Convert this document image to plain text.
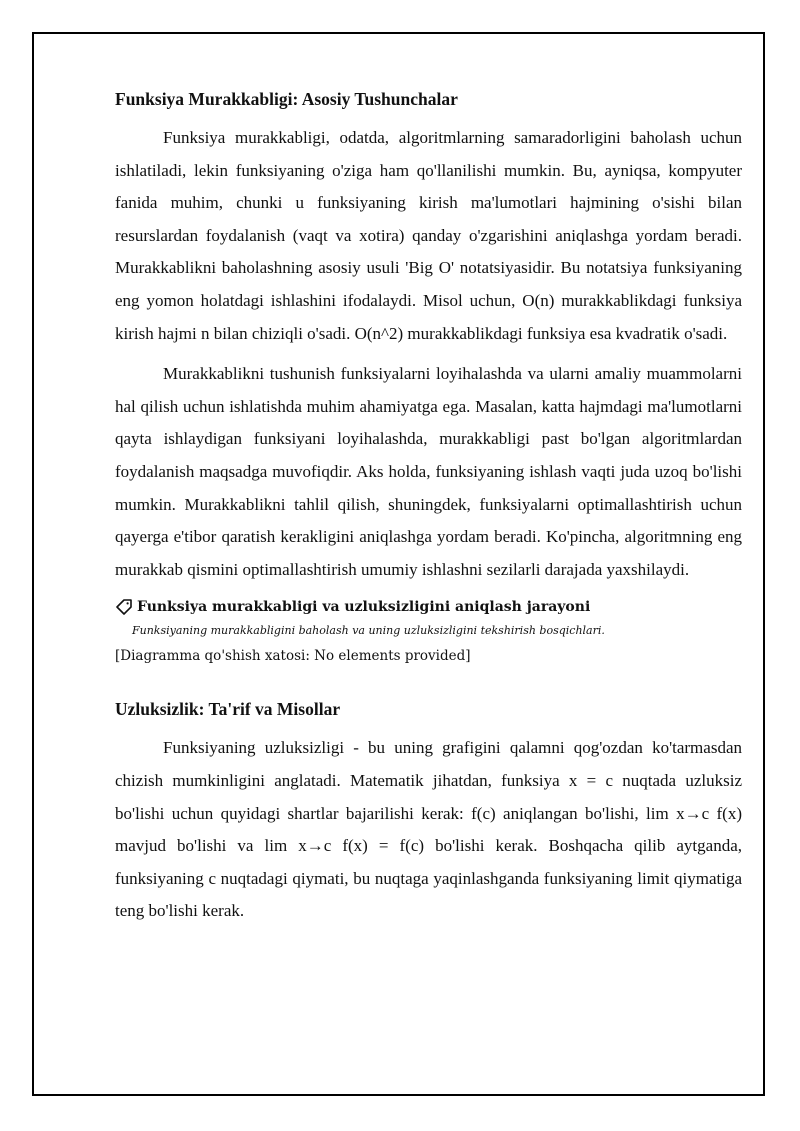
Funksiya Murakkabligi: Asosiy Tushunchalar

Funksiya murakkabligi, odatda, algoritmlarning samaradorligini baholash uchun ishlatiladi, lekin funksiyaning o'ziga ham qo'llanilishi mumkin. Bu, ayniqsa, kompyuter fanida muhim, chunki u funksiyaning kirish ma'lumotlari hajmining o'sishi bilan resurslardan foydalanish (vaqt va xotira) qanday o'zgarishini aniqlashga yordam beradi. Murakkablikni baholashning asosiy usuli 'Big O' notatsiyasidir. Bu notatsiya funksiyaning eng yomon holatdagi ishlashini ifodalaydi. Misol uchun, O(n) murakkablikdagi funksiya kirish hajmi n bilan chiziqli o'sadi. O(n^2) murakkablikdagi funksiya esa kvadratik o'sadi.

Murakkablikni tushunish funksiyalarni loyihalashda va ularni amaliy muammolarni hal qilish uchun ishlatishda muhim ahamiyatga ega. Masalan, katta hajmdagi ma'lumotlarni qayta ishlaydigan funksiyani loyihalashda, murakkabligi past bo'lgan algoritmlardan foydalanish maqsadga muvofiqdir. Aks holda, funksiyaning ishlash vaqti juda uzoq bo'lishi mumkin. Murakkablikni tahlil qilish, shuningdek, funksiyalarni optimallashtirish uchun qayerga e'tibor qaratish kerakligini aniqlashga yordam beradi. Ko'pincha, algoritmning eng murakkab qismini optimallashtirish umumiy ishlashni sezilarli darajada yaxshilaydi.

Funksiya murakkabligi va uzluksizligini aniqlash jarayoni
Funksiyaning murakkabligini baholash va uning uzluksizligini tekshirish bosqichlari.
[Diagramma qo'shish xatosi: No elements provided]
Uzluksizlik: Ta'rif va Misollar

Funksiyaning uzluksizligi - bu uning grafigini qalamni qog'ozdan ko'tarmasdan chizish mumkinligini anglatadi. Matematik jihatdan, funksiya x = c nuqtada uzluksiz bo'lishi uchun quyidagi shartlar bajarilishi kerak: f(c) aniqlangan bo'lishi, lim x→c f(x) mavjud bo'lishi va lim x→c f(x) = f(c) bo'lishi kerak. Boshqacha qilib aytganda, funksiyaning c nuqtadagi qiymati, bu nuqtaga yaqinlashganda funksiyaning limit qiymatiga teng bo'lishi kerak.
